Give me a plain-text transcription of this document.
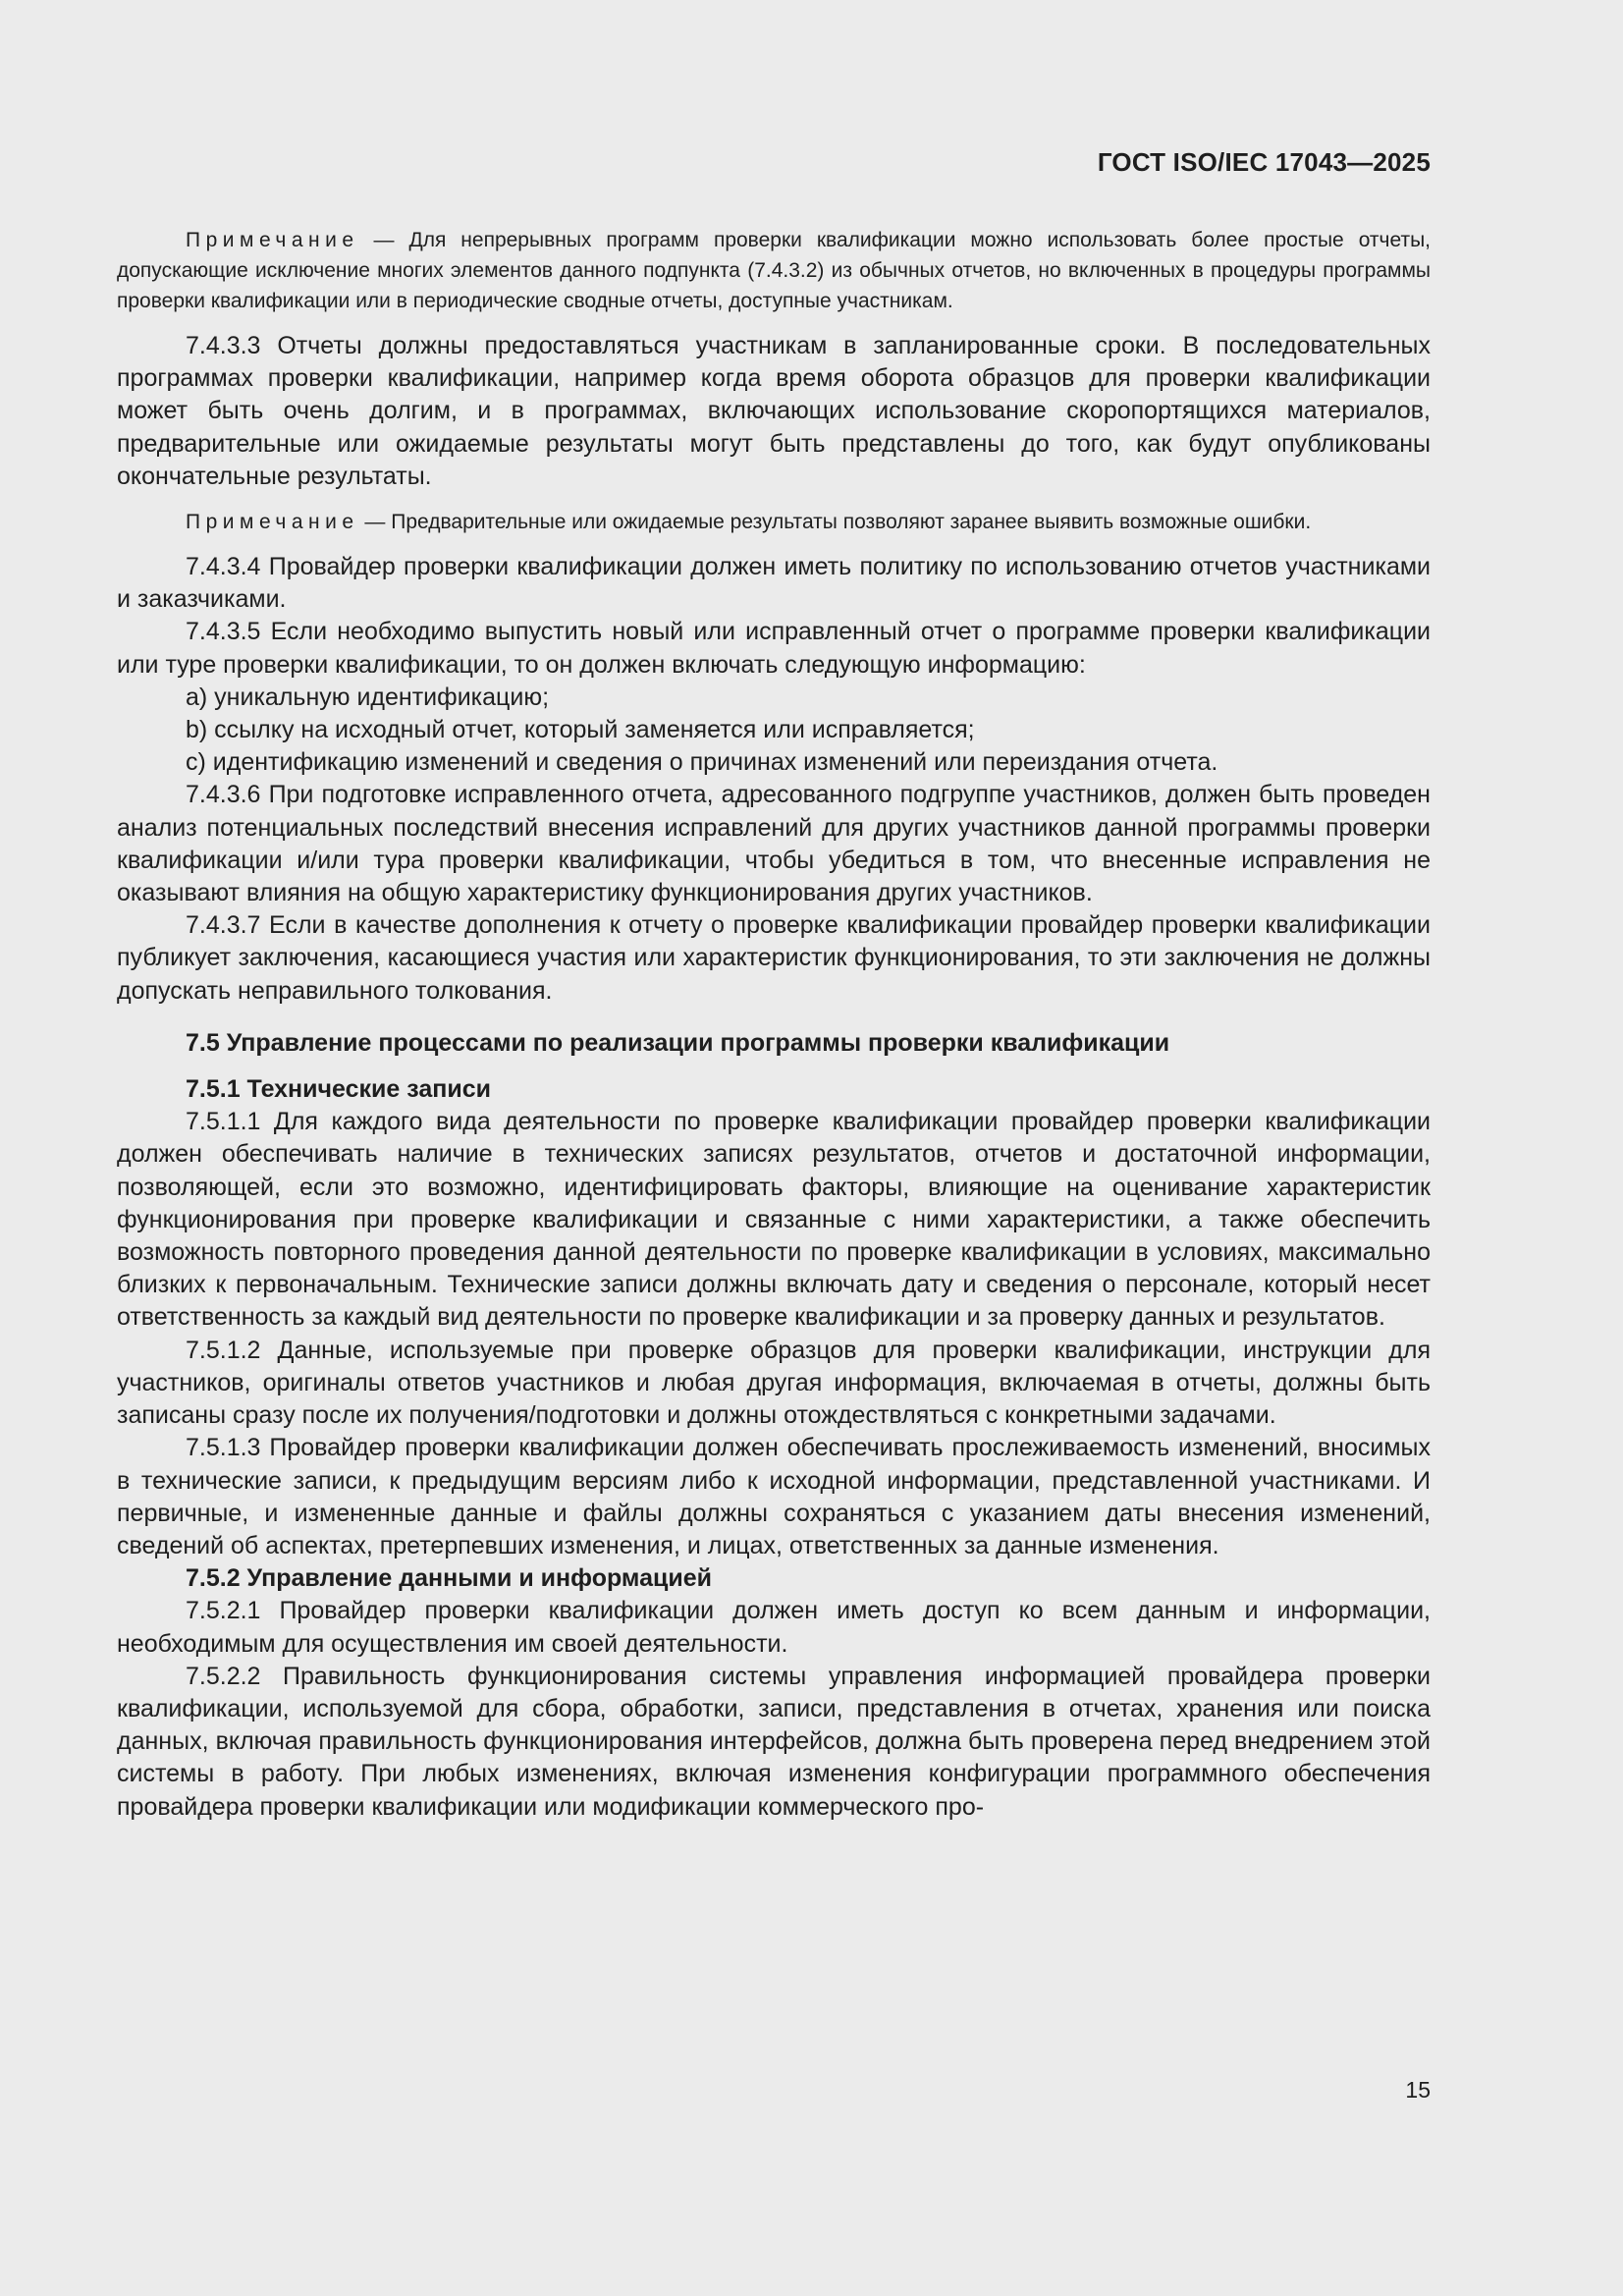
ГОСТ ISO/IEC 17043—2025

Примечание — Для непрерывных программ проверки квалификации можно использовать более простые отчеты, допускающие исключение многих элементов данного подпункта (7.4.3.2) из обычных отчетов, но включенных в процедуры программы проверки квалификации или в периодические сводные отчеты, доступные участникам.

7.4.3.3 Отчеты должны предоставляться участникам в запланированные сроки. В последовательных программах проверки квалификации, например когда время оборота образцов для проверки квалификации может быть очень долгим, и в программах, включающих использование скоропортящихся материалов, предварительные или ожидаемые результаты могут быть представлены до того, как будут опубликованы окончательные результаты.

Примечание — Предварительные или ожидаемые результаты позволяют заранее выявить возможные ошибки.

7.4.3.4 Провайдер проверки квалификации должен иметь политику по использованию отчетов участниками и заказчиками.

7.4.3.5 Если необходимо выпустить новый или исправленный отчет о программе проверки квалификации или туре проверки квалификации, то он должен включать следующую информацию:

a) уникальную идентификацию;

b) ссылку на исходный отчет, который заменяется или исправляется;

c) идентификацию изменений и сведения о причинах изменений или переиздания отчета.

7.4.3.6 При подготовке исправленного отчета, адресованного подгруппе участников, должен быть проведен анализ потенциальных последствий внесения исправлений для других участников данной программы проверки квалификации и/или тура проверки квалификации, чтобы убедиться в том, что внесенные исправления не оказывают влияния на общую характеристику функционирования других участников.

7.4.3.7 Если в качестве дополнения к отчету о проверке квалификации провайдер проверки квалификации публикует заключения, касающиеся участия или характеристик функционирования, то эти заключения не должны допускать неправильного толкования.

7.5 Управление процессами по реализации программы проверки квалификации

7.5.1 Технические записи

7.5.1.1 Для каждого вида деятельности по проверке квалификации провайдер проверки квалификации должен обеспечивать наличие в технических записях результатов, отчетов и достаточной информации, позволяющей, если это возможно, идентифицировать факторы, влияющие на оценивание характеристик функционирования при проверке квалификации и связанные с ними характеристики, а также обеспечить возможность повторного проведения данной деятельности по проверке квалификации в условиях, максимально близких к первоначальным. Технические записи должны включать дату и сведения о персонале, который несет ответственность за каждый вид деятельности по проверке квалификации и за проверку данных и результатов.

7.5.1.2 Данные, используемые при проверке образцов для проверки квалификации, инструкции для участников, оригиналы ответов участников и любая другая информация, включаемая в отчеты, должны быть записаны сразу после их получения/подготовки и должны отождествляться с конкретными задачами.

7.5.1.3 Провайдер проверки квалификации должен обеспечивать прослеживаемость изменений, вносимых в технические записи, к предыдущим версиям либо к исходной информации, представленной участниками. И первичные, и измененные данные и файлы должны сохраняться с указанием даты внесения изменений, сведений об аспектах, претерпевших изменения, и лицах, ответственных за данные изменения.

7.5.2 Управление данными и информацией

7.5.2.1 Провайдер проверки квалификации должен иметь доступ ко всем данным и информации, необходимым для осуществления им своей деятельности.

7.5.2.2 Правильность функционирования системы управления информацией провайдера проверки квалификации, используемой для сбора, обработки, записи, представления в отчетах, хранения или поиска данных, включая правильность функционирования интерфейсов, должна быть проверена перед внедрением этой системы в работу. При любых изменениях, включая изменения конфигурации программного обеспечения провайдера проверки квалификации или модификации коммерческого про-

15
